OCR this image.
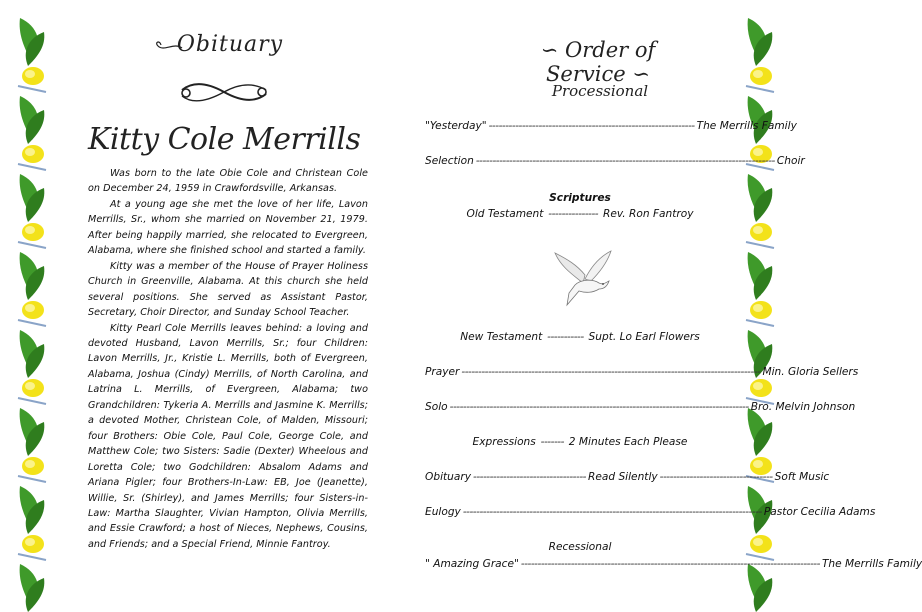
Obituary
Kitty Cole Merrills

Was born to the late Obie Cole and Christean Cole on December 24, 1959 in Crawfordsville, Arkansas.

At a young age she met the love of her life, Lavon Merrills, Sr., whom she married on November 21, 1979. After being happily married, she relocated to Evergreen, Alabama, where she finished school and started a family.

Kitty was a member of the House of Prayer Holiness Church in Greenville, Alabama. At this church she held several positions. She served as Assistant Pastor, Secretary, Choir Director, and Sunday School Teacher.

Kitty Pearl Cole Merrills leaves behind: a loving and devoted Husband, Lavon Merrills, Sr.; four Children: Lavon Merrills, Jr., Kristie L. Merrills, both of Evergreen, Alabama, Joshua (Cindy) Merrills, of North Carolina, and Latrina L. Merrills, of Evergreen, Alabama; two Grandchildren: Tykeria A. Merrills and Jasmine K. Merrills; a devoted Mother, Christean Cole, of Malden, Missouri; four Brothers: Obie Cole, Paul Cole, George Cole, and Matthew Cole; two Sisters: Sadie (Dexter) Wheelous and Loretta Cole; two Godchildren: Absalom Adams and Ariana Pigler; four Brothers-In-Law: EB, Joe (Jeanette), Willie, Sr. (Shirley), and James Merrills; four Sisters-in-Law: Martha Slaughter, Vivian Hampton, Olivia Merrills, and Essie Crawford; a host of Nieces, Nephews, Cousins, and Friends; and a Special Friend, Minnie Fantroy.

∽ Order of Service ∽
Processional
"Yesterday" -------------------------------------------------------------- The Merrills Family
Selection ------------------------------------------------------------------------------------------ Choir
Scriptures
Old Testament --------------- Rev. Ron Fantroy
New Testament ----------- Supt. Lo Earl Flowers
Prayer ------------------------------------------------------------------------------------------ Min. Gloria Sellers
Solo ------------------------------------------------------------------------------------------ Bro. Melvin Johnson
Expressions ------- 2 Minutes Each Please
Obituary ---------------------------------- Read Silently ---------------------------------- Soft Music
Eulogy ------------------------------------------------------------------------------------------ Pastor Cecilia Adams
Recessional
" Amazing Grace" ------------------------------------------------------------------------------------------ The Merrills Family
